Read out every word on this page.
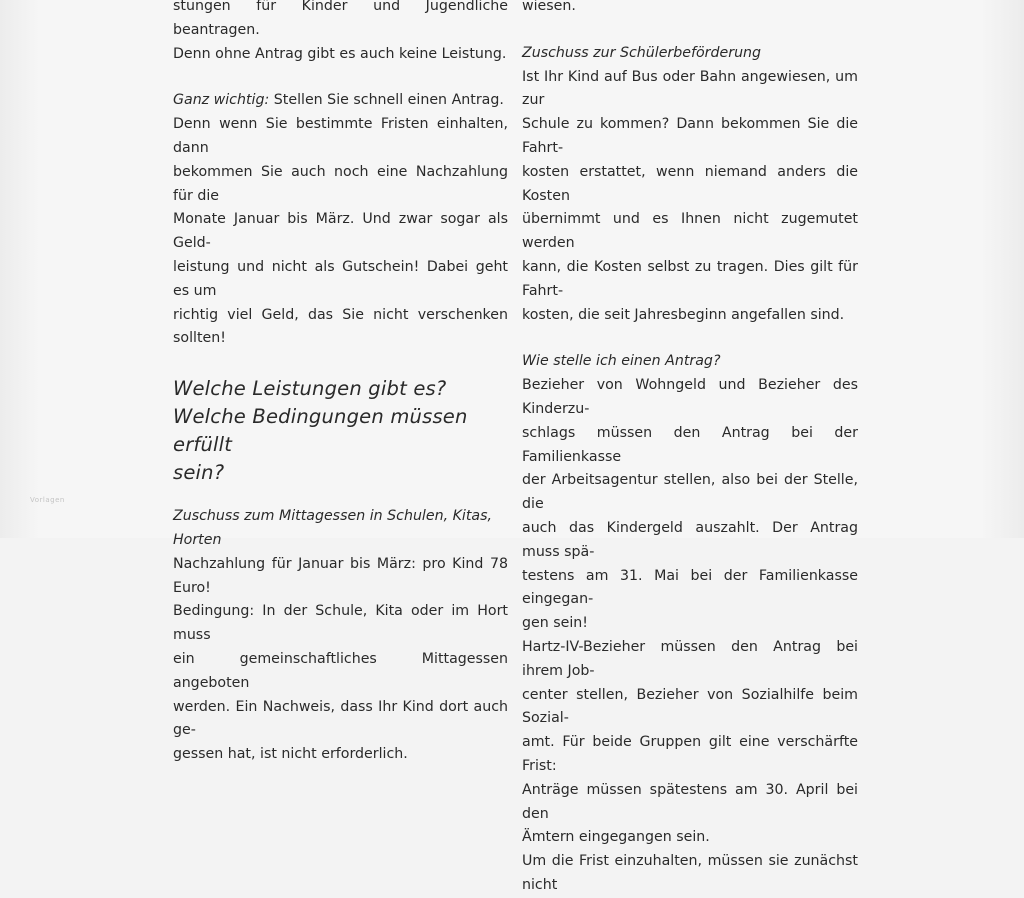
stungen für Kinder und Jugendliche beantragen.
Denn ohne Antrag gibt es auch keine Leistung.

Ganz wichtig: Stellen Sie schnell einen Antrag.
Denn wenn Sie bestimmte Fristen einhalten, dann
bekommen Sie auch noch eine Nachzahlung für die
Monate Januar bis März. Und zwar sogar als Geld-
leistung und nicht als Gutschein! Dabei geht es um
richtig viel Geld, das Sie nicht verschenken sollten!

Welche Leistungen gibt es?
Welche Bedingungen müssen erfüllt
sein?

Zuschuss zum Mittagessen in Schulen, Kitas,
Horten

Nachzahlung für Januar bis März: pro Kind 78 Euro!
Bedingung: In der Schule, Kita oder im Hort muss
ein gemeinschaftliches Mittagessen angeboten
werden. Ein Nachweis, dass Ihr Kind dort auch ge-
gessen hat, ist nicht erforderlich.

wiesen.

Zuschuss zur Schülerbeförderung

Ist Ihr Kind auf Bus oder Bahn angewiesen, um zur
Schule zu kommen? Dann bekommen Sie die Fahrt-
kosten erstattet, wenn niemand anders die Kosten
übernimmt und es Ihnen nicht zugemutet werden
kann, die Kosten selbst zu tragen. Dies gilt für Fahrt-
kosten, die seit Jahresbeginn angefallen sind.

Wie stelle ich einen Antrag?

Bezieher von Wohngeld und Bezieher des Kinderzu-
schlags müssen den Antrag bei der Familienkasse
der Arbeitsagentur stellen, also bei der Stelle, die
auch das Kindergeld auszahlt. Der Antrag muss spä-
testens am 31. Mai bei der Familienkasse eingegan-
gen sein!
Hartz-IV-Bezieher müssen den Antrag bei ihrem Job-
center stellen, Bezieher von Sozialhilfe beim Sozial-
amt. Für beide Gruppen gilt eine verschärfte Frist:
Anträge müssen spätestens am 30. April bei den
Ämtern eingegangen sein.
Um die Frist einzuhalten, müssen sie zunächst nicht

Vorlagen
